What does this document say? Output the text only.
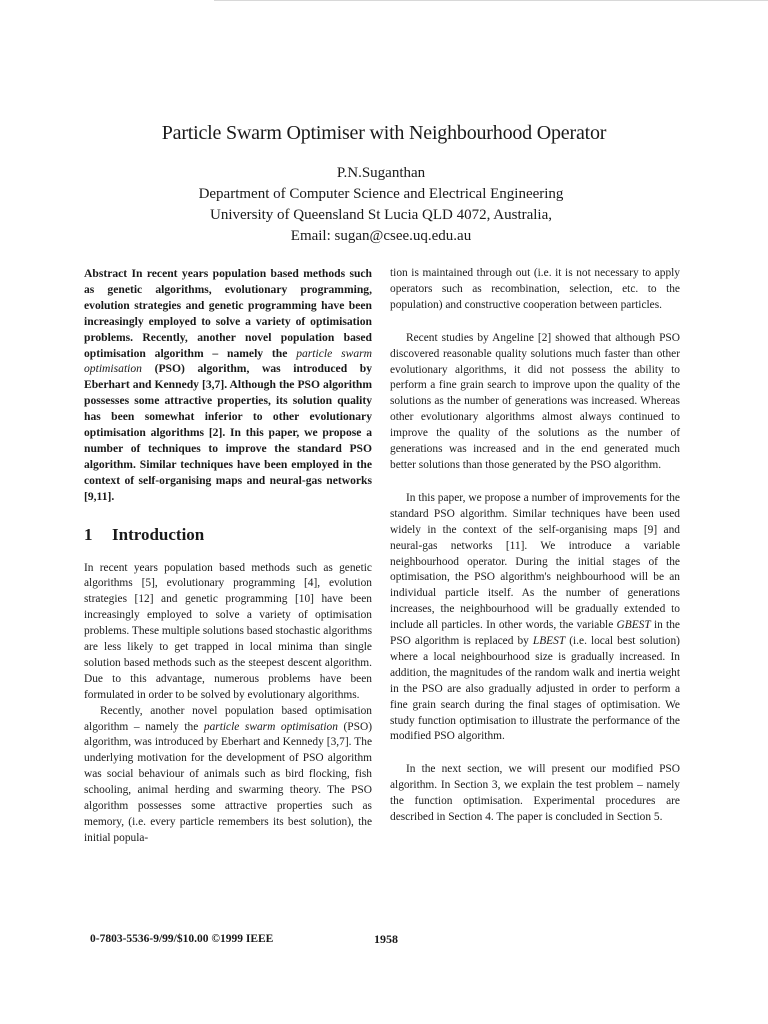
Particle Swarm Optimiser with Neighbourhood Operator
P.N.Suganthan
Department of Computer Science and Electrical Engineering
University of Queensland St Lucia QLD 4072, Australia,
Email: sugan@csee.uq.edu.au

Abstract In recent years population based methods such as genetic algorithms, evolutionary programming, evolution strategies and genetic programming have been increasingly employed to solve a variety of optimisation problems. Recently, another novel population based optimisation algorithm – namely the particle swarm optimisation (PSO) algorithm, was introduced by Eberhart and Kennedy [3,7]. Although the PSO algorithm possesses some attractive properties, its solution quality has been somewhat inferior to other evolutionary optimisation algorithms [2]. In this paper, we propose a number of techniques to improve the standard PSO algorithm. Similar techniques have been employed in the context of self-organising maps and neural-gas networks [9,11].

1 Introduction

In recent years population based methods such as genetic algorithms [5], evolutionary programming [4], evolution strategies [12] and genetic programming [10] have been increasingly employed to solve a variety of optimisation problems. These multiple solutions based stochastic algorithms are less likely to get trapped in local minima than single solution based methods such as the steepest descent algorithm. Due to this advantage, numerous problems have been formulated in order to be solved by evolutionary algorithms.

Recently, another novel population based optimisation algorithm – namely the particle swarm optimisation (PSO) algorithm, was introduced by Eberhart and Kennedy [3,7]. The underlying motivation for the development of PSO algorithm was social behaviour of animals such as bird flocking, fish schooling, animal herding and swarming theory. The PSO algorithm possesses some attractive properties such as memory, (i.e. every particle remembers its best solution), the initial popula-

tion is maintained through out (i.e. it is not necessary to apply operators such as recombination, selection, etc. to the population) and constructive cooperation between particles.

Recent studies by Angeline [2] showed that although PSO discovered reasonable quality solutions much faster than other evolutionary algorithms, it did not possess the ability to perform a fine grain search to improve upon the quality of the solutions as the number of generations was increased. Whereas other evolutionary algorithms almost always continued to improve the quality of the solutions as the number of generations was increased and in the end generated much better solutions than those generated by the PSO algorithm.

In this paper, we propose a number of improvements for the standard PSO algorithm. Similar techniques have been used widely in the context of the self-organising maps [9] and neural-gas networks [11]. We introduce a variable neighbourhood operator. During the initial stages of the optimisation, the PSO algorithm's neighbourhood will be an individual particle itself. As the number of generations increases, the neighbourhood will be gradually extended to include all particles. In other words, the variable GBEST in the PSO algorithm is replaced by LBEST (i.e. local best solution) where a local neighbourhood size is gradually increased. In addition, the magnitudes of the random walk and inertia weight in the PSO are also gradually adjusted in order to perform a fine grain search during the final stages of optimisation. We study function optimisation to illustrate the performance of the modified PSO algorithm.

In the next section, we will present our modified PSO algorithm. In Section 3, we explain the test problem – namely the function optimisation. Experimental procedures are described in Section 4. The paper is concluded in Section 5.

0-7803-5536-9/99/$10.00 ©1999 IEEE	1958
